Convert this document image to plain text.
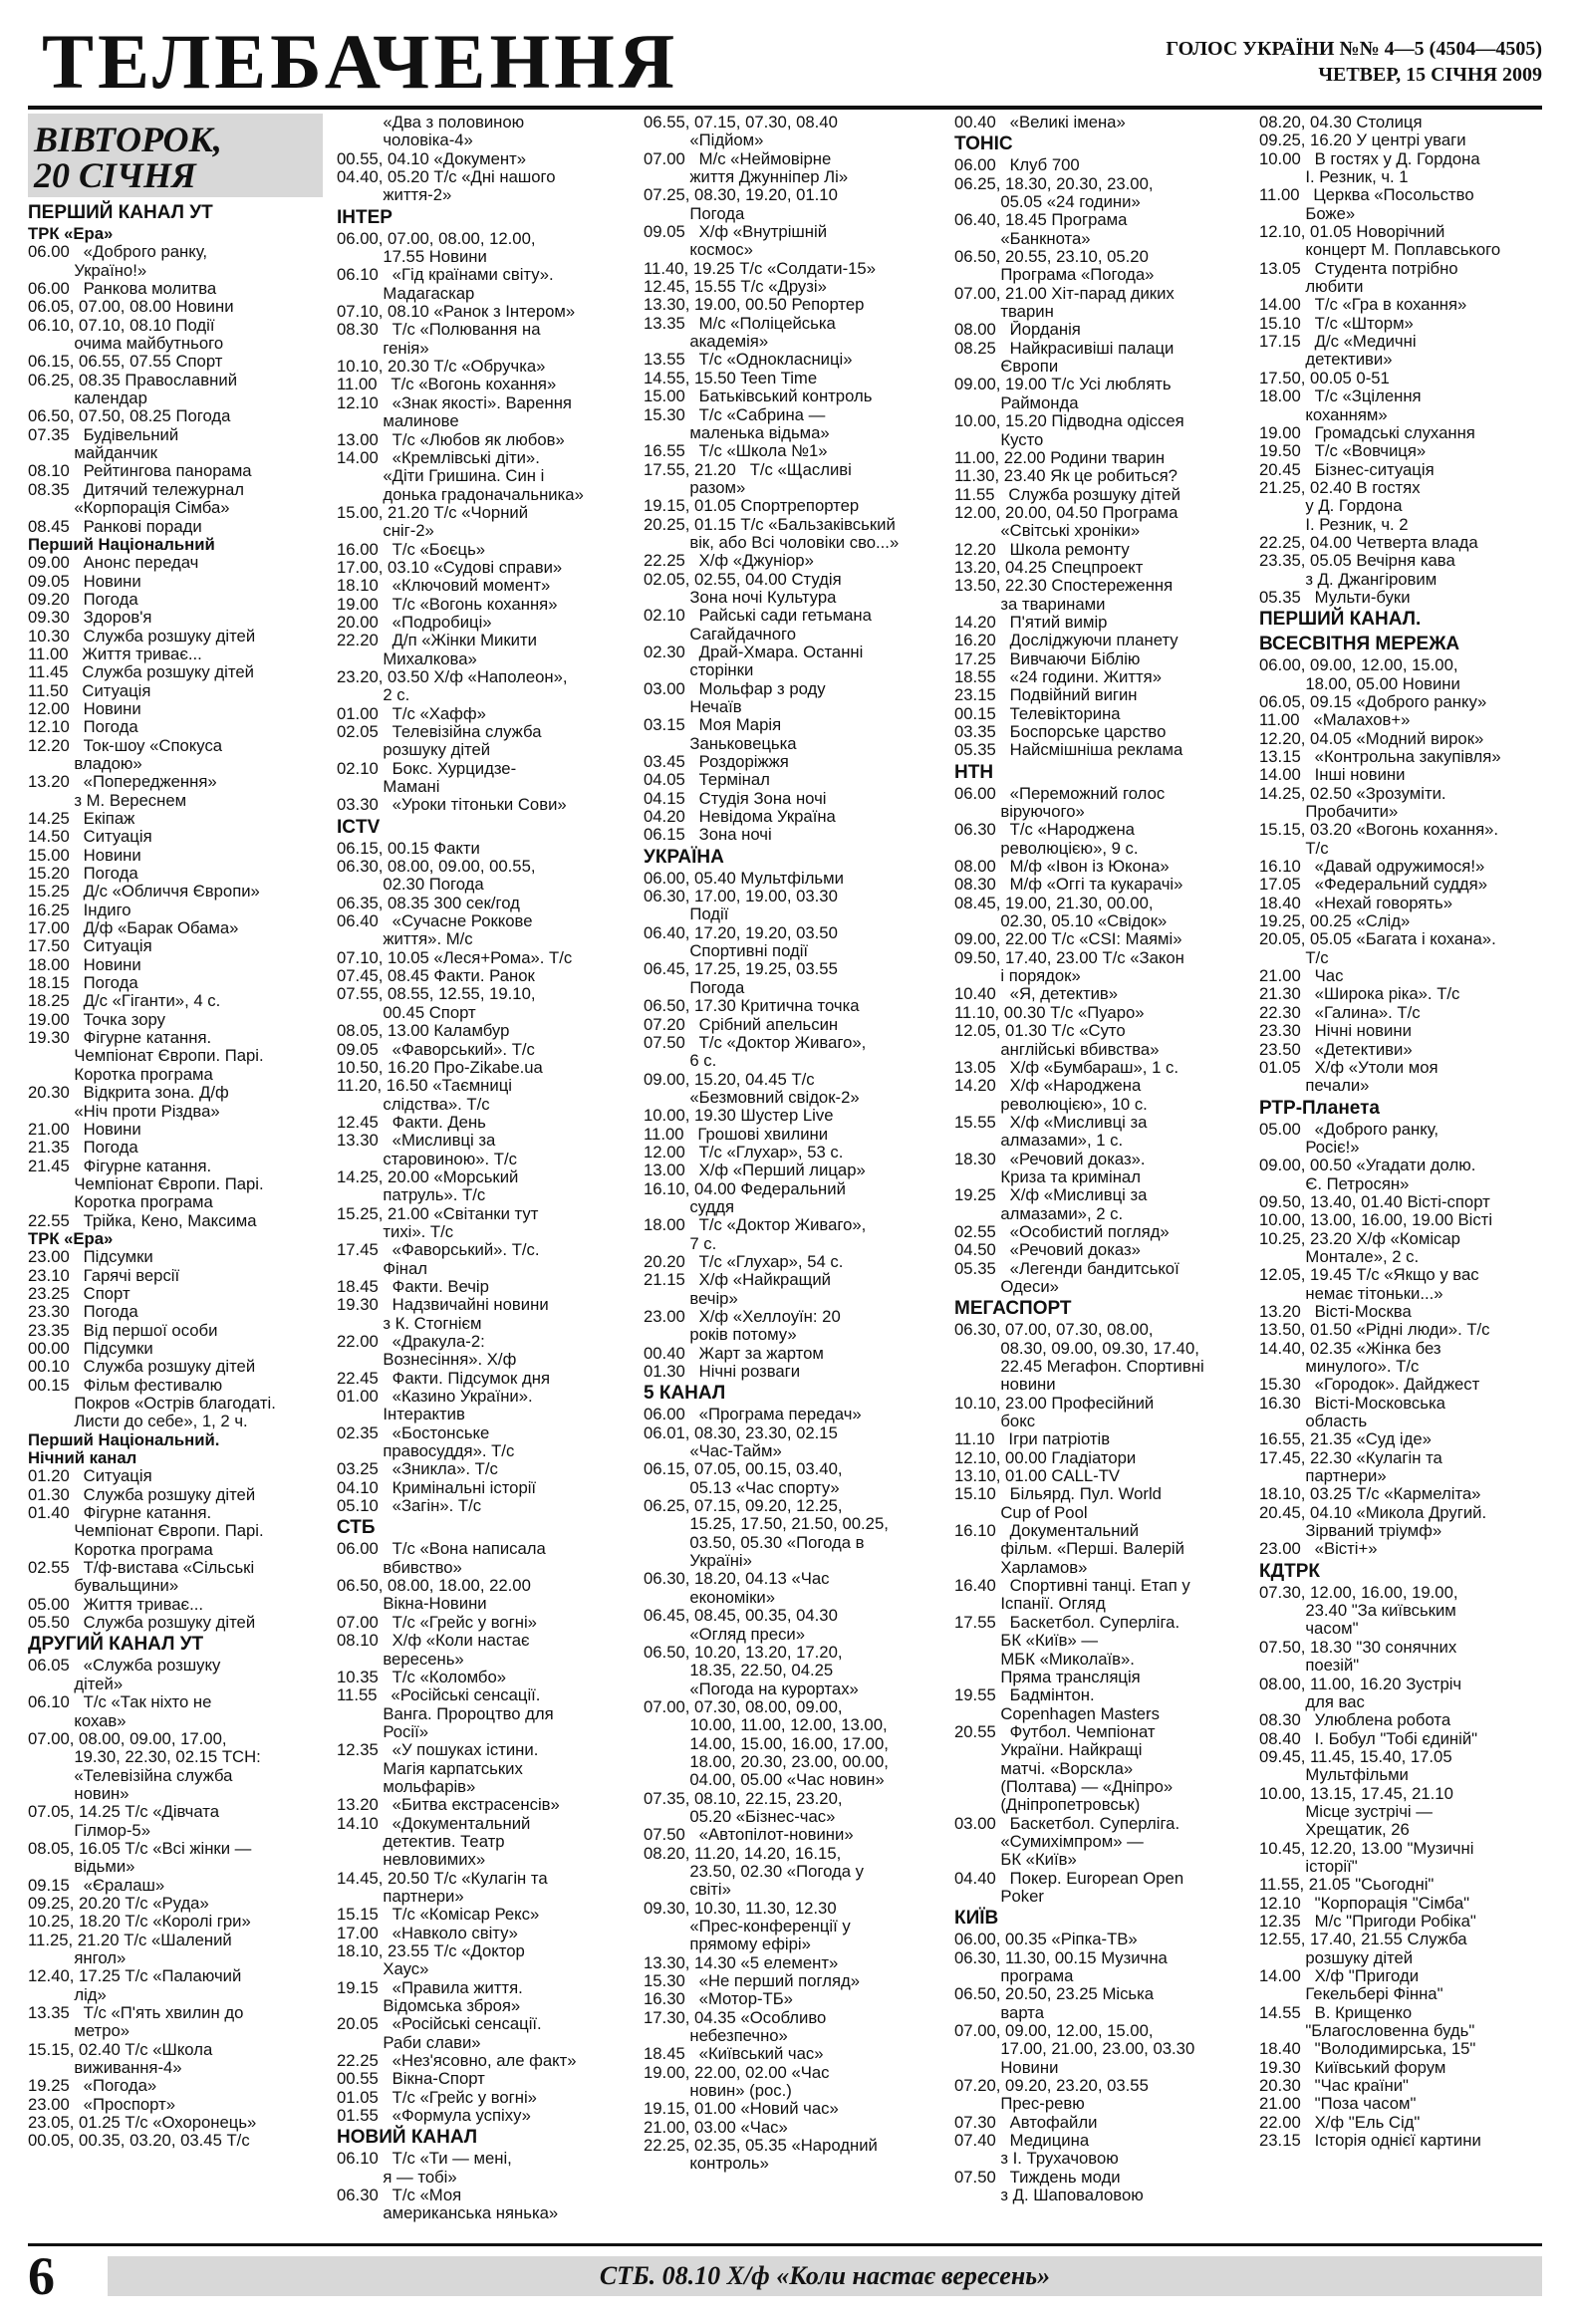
ТЕЛЕБАЧЕННЯ	ГОЛОС УКРАЇНИ №№ 4—5 (4504—4505)
ЧЕТВЕР, 15 СІЧНЯ 2009
ВІВТОРОК,
20 СІЧНЯ
ПЕРШИЙ КАНАЛ УТ
ТРК «Ера»
06.00   «Доброго ранку,
Україно!»
06.00   Ранкова молитва
06.05, 07.00, 08.00 Новини
06.10, 07.10, 08.10 Події
очима майбутнього
06.15, 06.55, 07.55 Спорт
06.25, 08.35 Православний
календар
06.50, 07.50, 08.25 Погода
07.35   Будівельний
майданчик
08.10   Рейтингова панорама
08.35   Дитячий тележурнал
«Корпорація Сімба»
08.45   Ранкові поради
Перший Національний
09.00   Анонс передач
09.05   Новини
09.20   Погода
09.30   Здоров'я
10.30   Служба розшуку дітей
11.00   Життя триває...
11.45   Служба розшуку дітей
11.50   Ситуація
12.00   Новини
12.10   Погода
12.20   Ток-шоу «Спокуса
владою»
13.20   «Попередження»
з М. Вереснем
14.25   Екіпаж
14.50   Ситуація
15.00   Новини
15.20   Погода
15.25   Д/с «Обличчя Європи»
16.25   Індиго
17.00   Д/ф «Барак Обама»
17.50   Ситуація
18.00   Новини
18.15   Погода
18.25   Д/с «Гіганти», 4 с.
19.00   Точка зору
19.30   Фігурне катання.
Чемпіонат Європи. Парі.
Коротка програма
20.30   Відкрита зона. Д/ф
«Ніч проти Різдва»
21.00   Новини
21.35   Погода
21.45   Фігурне катання.
Чемпіонат Європи. Парі.
Коротка програма
22.55   Трійка, Кено, Максима
ТРК «Ера»
23.00   Підсумки
23.10   Гарячі версії
23.25   Спорт
23.30   Погода
23.35   Від першої особи
00.00   Підсумки
00.10   Служба розшуку дітей
00.15   Фільм фестивалю
Покров «Острів благодаті.
Листи до себе», 1, 2 ч.
Перший Національний.
Нічний канал
01.20   Ситуація
01.30   Служба розшуку дітей
01.40   Фігурне катання.
Чемпіонат Європи. Парі.
Коротка програма
02.55   Т/ф-вистава «Сільські
бувальщини»
05.00   Життя триває...
05.50   Служба розшуку дітей
ДРУГИЙ КАНАЛ УТ
06.05   «Служба розшуку
дітей»
06.10   Т/с «Так ніхто не
кохав»
07.00, 08.00, 09.00, 17.00,
19.30, 22.30, 02.15 ТСН:
«Телевізійна служба
новин»
07.05, 14.25 Т/с «Дівчата
Гілмор-5»
08.05, 16.05 Т/с «Всі жінки —
відьми»
09.15   «Єралаш»
09.25, 20.20 Т/с «Руда»
10.25, 18.20 Т/с «Королі гри»
11.25, 21.20 Т/с «Шалений
янгол»
12.40, 17.25 Т/с «Палаючий
лід»
13.35   Т/с «П'ять хвилин до
метро»
15.15, 02.40 Т/с «Школа
виживання-4»
19.25   «Погода»
23.00   «Проспорт»
23.05, 01.25 Т/с «Охоронець»
00.05, 00.35, 03.20, 03.45 Т/с
«Два з половиною
чоловіка-4»
00.55, 04.10 «Документ»
04.40, 05.20 Т/с «Дні нашого
життя-2»
ІНТЕР
06.00, 07.00, 08.00, 12.00,
17.55 Новини
06.10   «Гід країнами світу».
Мадагаскар
07.10, 08.10 «Ранок з Інтером»
08.30   Т/с «Полювання на
генія»
10.10, 20.30 Т/с «Обручка»
11.00   Т/с «Вогонь кохання»
12.10   «Знак якості». Варення
малинове
13.00   Т/с «Любов як любов»
14.00   «Кремлівські діти».
«Діти Гришина. Син і
донька градоначальника»
15.00, 21.20 Т/с «Чорний
сніг-2»
16.00   Т/с «Боєць»
17.00, 03.10 «Судові справи»
18.10   «Ключовий момент»
19.00   Т/с «Вогонь кохання»
20.00   «Подробиці»
22.20   Д/п «Жінки Микити
Михалкова»
23.20, 03.50 Х/ф «Наполеон»,
2 с.
01.00   Т/с «Хафф»
02.05   Телевізійна служба
розшуку дітей
02.10   Бокс. Хурцидзе-
Мамані
03.30   «Уроки тітоньки Сови»
ICTV
06.15, 00.15 Факти
06.30, 08.00, 09.00, 00.55,
02.30 Погода
06.35, 08.35 300 сек/год
06.40   «Сучасне Роккове
життя». М/с
07.10, 10.05 «Леся+Рома». Т/с
07.45, 08.45 Факти. Ранок
07.55, 08.55, 12.55, 19.10,
00.45 Спорт
08.05, 13.00 Каламбур
09.05   «Фаворський». Т/с
10.50, 16.20 Про-Zikabe.ua
11.20, 16.50 «Таємниці
слідства». Т/с
12.45   Факти. День
13.30   «Мисливці за
старовиною». Т/с
14.25, 20.00 «Морський
патруль». Т/с
15.25, 21.00 «Світанки тут
тихі». Т/с
17.45   «Фаворський». Т/с.
Фінал
18.45   Факти. Вечір
19.30   Надзвичайні новини
з К. Стогнієм
22.00   «Дракула-2:
Вознесіння». Х/ф
22.45   Факти. Підсумок дня
01.00   «Казино України».
Інтерактив
02.35   «Бостонське
правосуддя». Т/с
03.25   «Зникла». Т/с
04.10   Кримінальні історії
05.10   «Загін». Т/с
СТБ
06.00   Т/с «Вона написала
вбивство»
06.50, 08.00, 18.00, 22.00
Вікна-Новини
07.00   Т/с «Грейс у вогні»
08.10   Х/ф «Коли настає
вересень»
10.35   Т/с «Коломбо»
11.55   «Російські сенсації.
Ванга. Пророцтво для
Росії»
12.35   «У пошуках істини.
Магія карпатських
мольфарів»
13.20   «Битва екстрасенсів»
14.10   «Документальний
детектив. Театр
невловимих»
14.45, 20.50 Т/с «Кулагін та
партнери»
15.15   Т/с «Комісар Рекс»
17.00   «Навколо світу»
18.10, 23.55 Т/с «Доктор
Хаус»
19.15   «Правила життя.
Відомська зброя»
20.05   «Російські сенсації.
Раби слави»
22.25   «Нез'ясовно, але факт»
00.55   Вікна-Спорт
01.05   Т/с «Грейс у вогні»
01.55   «Формула успіху»
НОВИЙ КАНАЛ
06.10   Т/с «Ти — мені,
я — тобі»
06.30   Т/с «Моя
американська нянька»
06.55, 07.15, 07.30, 08.40
«Підйом»
07.00   М/с «Неймовірне
життя Джунніпер Лі»
07.25, 08.30, 19.20, 01.10
Погода
09.05   Х/ф «Внутрішній
космос»
11.40, 19.25 Т/с «Солдати-15»
12.45, 15.55 Т/с «Друзі»
13.30, 19.00, 00.50 Репортер
13.35   М/с «Поліцейська
академія»
13.55   Т/с «Однокласниці»
14.55, 15.50 Teen Time
15.00   Батьківський контроль
15.30   Т/с «Сабрина —
маленька відьма»
16.55   Т/с «Школа №1»
17.55, 21.20   Т/с «Щасливі
разом»
19.15, 01.05 Спортрепортер
20.25, 01.15 Т/с «Бальзаківський
вік, або Всі чоловіки сво...»
22.25   Х/ф «Джуніор»
02.05, 02.55, 04.00 Студія
Зона ночі Культура
02.10   Райські сади гетьмана
Сагайдачного
02.30   Драй-Хмара. Останні
сторінки
03.00   Мольфар з роду
Нечаїв
03.15   Моя Марія
Заньковецька
03.45   Роздоріжжя
04.05   Термінал
04.15   Студія Зона ночі
04.20   Невідома Україна
06.15   Зона ночі
УКРАЇНА
06.00, 05.40 Мультфільми
06.30, 17.00, 19.00, 03.30
Події
06.40, 17.20, 19.20, 03.50
Спортивні події
06.45, 17.25, 19.25, 03.55
Погода
06.50, 17.30 Критична точка
07.20   Срібний апельсин
07.50   Т/с «Доктор Живаго»,
6 с.
09.00, 15.20, 04.45 Т/с
«Безмовний свідок-2»
10.00, 19.30 Шустер Live
11.00   Грошові хвилини
12.00   Т/с «Глухар», 53 с.
13.00   Х/ф «Перший лицар»
16.10, 04.00 Федеральний
суддя
18.00   Т/с «Доктор Живаго»,
7 с.
20.20   Т/с «Глухар», 54 с.
21.15   Х/ф «Найкращий
вечір»
23.00   Х/ф «Хеллоуїн: 20
років потому»
00.40   Жарт за жартом
01.30   Нічні розваги
5 КАНАЛ
06.00   «Програма передач»
06.01, 08.30, 23.30, 02.15
«Час-Тайм»
06.15, 07.05, 00.15, 03.40,
05.13 «Час спорту»
06.25, 07.15, 09.20, 12.25,
15.25, 17.50, 21.50, 00.25,
03.50, 05.30 «Погода в
Україні»
06.30, 18.20, 04.13 «Час
економіки»
06.45, 08.45, 00.35, 04.30
«Огляд преси»
06.50, 10.20, 13.20, 17.20,
18.35, 22.50, 04.25
«Погода на курортах»
07.00, 07.30, 08.00, 09.00,
10.00, 11.00, 12.00, 13.00,
14.00, 15.00, 16.00, 17.00,
18.00, 20.30, 23.00, 00.00,
04.00, 05.00 «Час новин»
07.35, 08.10, 22.15, 23.20,
05.20 «Бізнес-час»
07.50   «Автопілот-новини»
08.20, 11.20, 14.20, 16.15,
23.50, 02.30 «Погода у
світі»
09.30, 10.30, 11.30, 12.30
«Прес-конференції у
прямому ефірі»
13.30, 14.30 «5 елемент»
15.30   «Не перший погляд»
16.30   «Мотор-ТБ»
17.30, 04.35 «Особливо
небезпечно»
18.45   «Київський час»
19.00, 22.00, 02.00 «Час
новин» (рос.)
19.15, 01.00 «Новий час»
21.00, 03.00 «Час»
22.25, 02.35, 05.35 «Народний
контроль»
00.40   «Великі імена»
ТОНІС
06.00   Клуб 700
06.25, 18.30, 20.30, 23.00,
05.05 «24 години»
06.40, 18.45 Програма
«Банкнота»
06.50, 20.55, 23.10, 05.20
Програма «Погода»
07.00, 21.00 Хіт-парад диких
тварин
08.00   Йорданія
08.25   Найкрасивіші палаци
Європи
09.00, 19.00 Т/с Усі люблять
Раймонда
10.00, 15.20 Підводна одіссея
Кусто
11.00, 22.00 Родини тварин
11.30, 23.40 Як це робиться?
11.55   Служба розшуку дітей
12.00, 20.00, 04.50 Програма
«Світські хроніки»
12.20   Школа ремонту
13.20, 04.25 Спецпроект
13.50, 22.30 Спостереження
за тваринами
14.20   П'ятий вимір
16.20   Досліджуючи планету
17.25   Вивчаючи Біблію
18.55   «24 години. Життя»
23.15   Подвійний вигин
00.15   Телевікторина
03.35   Боспорське царство
05.35   Найсмішніша реклама
НТН
06.00   «Переможний голос
віруючого»
06.30   Т/с «Народжена
революцією», 9 с.
08.00   М/ф «Івон із Юкона»
08.30   М/ф «Оггі та кукарачі»
08.45, 19.00, 21.30, 00.00,
02.30, 05.10 «Свідок»
09.00, 22.00 Т/с «CSI: Маямі»
09.50, 17.40, 23.00 Т/с «Закон
і порядок»
10.40   «Я, детектив»
11.10, 00.30 Т/с «Пуаро»
12.05, 01.30 Т/с «Суто
англійські вбивства»
13.05   Х/ф «Бумбараш», 1 с.
14.20   Х/ф «Народжена
революцією», 10 с.
15.55   Х/ф «Мисливці за
алмазами», 1 с.
18.30   «Речовий доказ».
Криза та кримінал
19.25   Х/ф «Мисливці за
алмазами», 2 с.
02.55   «Особистий погляд»
04.50   «Речовий доказ»
05.35   «Легенди бандитської
Одеси»
МЕГАСПОРТ
06.30, 07.00, 07.30, 08.00,
08.30, 09.00, 09.30, 17.40,
22.45 Мегафон. Спортивні
новини
10.10, 23.00 Професійний
бокс
11.10   Ігри патріотів
12.10, 00.00 Гладіатори
13.10, 01.00 CALL-TV
15.10   Більярд. Пул. World
Cup of Pool
16.10   Документальний
фільм. «Перші. Валерій
Харламов»
16.40   Спортивні танці. Етап у
Іспанії. Огляд
17.55   Баскетбол. Суперліга.
БК «Київ» —
МБК «Миколаїв».
Пряма трансляція
19.55   Бадмінтон.
Copenhagen Masters
20.55   Футбол. Чемпіонат
України. Найкращі
матчі. «Ворскла»
(Полтава) — «Дніпро»
(Дніпропетровськ)
03.00   Баскетбол. Суперліга.
«Сумихімпром» —
БК «Київ»
04.40   Покер. European Open
Poker
КИЇВ
06.00, 00.35 «Ріпка-ТВ»
06.30, 11.30, 00.15 Музична
програма
06.50, 20.50, 23.25 Міська
варта
07.00, 09.00, 12.00, 15.00,
17.00, 21.00, 23.00, 03.30
Новини
07.20, 09.20, 23.20, 03.55
Прес-ревю
07.30   Автофайли
07.40   Медицина
з І. Трухачовою
07.50   Тиждень моди
з Д. Шаповаловою
08.20, 04.30 Столиця
09.25, 16.20 У центрі уваги
10.00   В гостях у Д. Гордона
І. Резник, ч. 1
11.00   Церква «Посольство
Боже»
12.10, 01.05 Новорічний
концерт М. Поплавського
13.05   Студента потрібно
любити
14.00   Т/с «Гра в кохання»
15.10   Т/с «Шторм»
17.15   Д/с «Медичні
детективи»
17.50, 00.05 0-51
18.00   Т/с «Зцілення
коханням»
19.00   Громадські слухання
19.50   Т/с «Вовчиця»
20.45   Бізнес-ситуація
21.25, 02.40 В гостях
у Д. Гордона
І. Резник, ч. 2
22.25, 04.00 Четверта влада
23.35, 05.05 Вечірня кава
з Д. Джангіровим
05.35   Мульти-буки
ПЕРШИЙ КАНАЛ.
ВСЕСВІТНЯ МЕРЕЖА
06.00, 09.00, 12.00, 15.00,
18.00, 05.00 Новини
06.05, 09.15 «Доброго ранку»
11.00   «Малахов+»
12.20, 04.05 «Модний вирок»
13.15   «Контрольна закупівля»
14.00   Інші новини
14.25, 02.50 «Зрозуміти.
Пробачити»
15.15, 03.20 «Вогонь кохання».
Т/с
16.10   «Давай одружимося!»
17.05   «Федеральний суддя»
18.40   «Нехай говорять»
19.25, 00.25 «Слід»
20.05, 05.05 «Багата і кохана».
Т/с
21.00   Час
21.30   «Широка ріка». Т/с
22.30   «Галина». Т/с
23.30   Нічні новини
23.50   «Детективи»
01.05   Х/ф «Утоли моя
печали»
РТР-Планета
05.00   «Доброго ранку,
Росіє!»
09.00, 00.50 «Угадати долю.
Є. Петросян»
09.50, 13.40, 01.40 Вісті-спорт
10.00, 13.00, 16.00, 19.00 Вісті
10.25, 23.20 Х/ф «Комісар
Монтале», 2 с.
12.05, 19.45 Т/с «Якщо у вас
немає тітоньки...»
13.20   Вісті-Москва
13.50, 01.50 «Рідні люди». Т/с
14.40, 02.35 «Жінка без
минулого». Т/с
15.30   «Городок». Дайджест
16.30   Вісті-Московська
область
16.55, 21.35 «Суд іде»
17.45, 22.30 «Кулагін та
партнери»
18.10, 03.25 Т/с «Кармеліта»
20.45, 04.10 «Микола Другий.
Зірваний тріумф»
23.00   «Вісті+»
КДТРК
07.30, 12.00, 16.00, 19.00,
23.40 "За київським
часом"
07.50, 18.30 "30 сонячних
поезій"
08.00, 11.00, 16.20 Зустріч
для вас
08.30   Улюблена робота
08.40   І. Бобул "Тобі єдиній"
09.45, 11.45, 15.40, 17.05
Мультфільми
10.00, 13.15, 17.45, 21.10
Місце зустрічі —
Хрещатик, 26
10.45, 12.20, 13.00 "Музичні
історії"
11.55, 21.05 "Сьогодні"
12.10   "Корпорація "Сімба"
12.35   М/с "Пригоди Робіка"
12.55, 17.40, 21.55 Служба
розшуку дітей
14.00   Х/ф "Пригоди
Гекельбері Фінна"
14.55   В. Крищенко
"Благословенна будь"
18.40   "Володимирська, 15"
19.30   Київський форум
20.30   "Час країни"
21.00   "Поза часом"
22.00   Х/ф "Ель Сід"
23.15   Історія однієї картини
6	СТБ. 08.10 Х/ф «Коли настає вересень»
